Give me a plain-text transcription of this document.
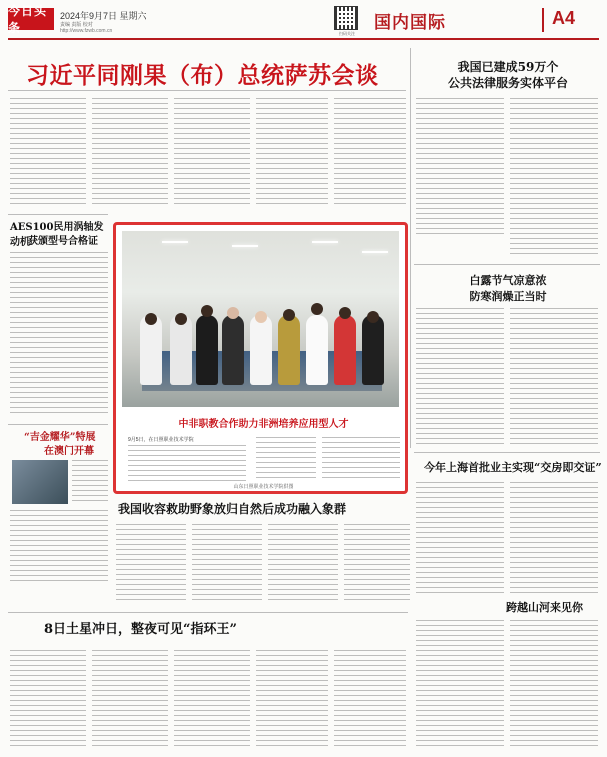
今日头条
2024年9月7日 星期六
责编 责版 校对
http://www.fzwb.com.cn	扫码关注
国内国际	A4
习近平同刚果（布）总统萨苏会谈	我国已建成59万个
公共法律服务实体平台
AES100民用涡轴发动机
获颁型号合格证
中非职教合作助力非洲培养应用型人才
9月5日，在日照职业技术学院
山东日照职业技术学院供图
白露节气凉意浓
防寒润燥正当时
“吉金耀华”特展
在澳门开幕
我国收容救助野象放归自然后成功融入象群
今年上海首批业主实现“交房即交证”
跨越山河来见你
8日土星冲日，整夜可见“指环王”
